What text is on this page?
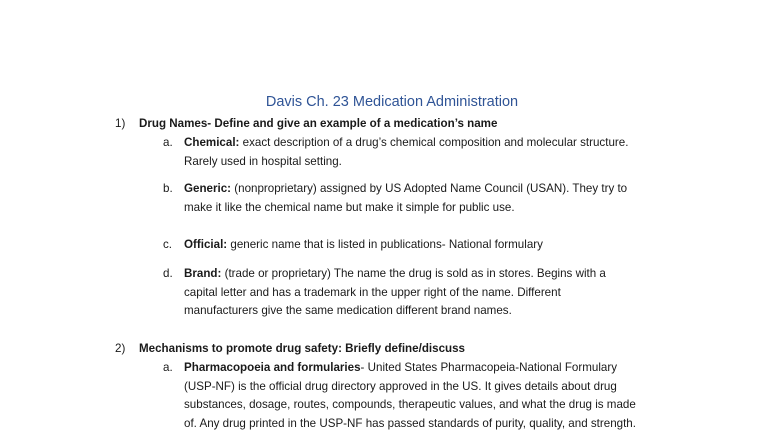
Davis Ch. 23 Medication Administration
1) Drug Names- Define and give an example of a medication’s name
a. Chemical: exact description of a drug’s chemical composition and molecular structure.
Rarely used in hospital setting.
b. Generic: (nonproprietary) assigned by US Adopted Name Council (USAN). They try to
make it like the chemical name but make it simple for public use.
c. Official: generic name that is listed in publications- National formulary
d. Brand: (trade or proprietary) The name the drug is sold as in stores. Begins with a
capital letter and has a trademark in the upper right of the name. Different
manufacturers give the same medication different brand names.
2) Mechanisms to promote drug safety: Briefly define/discuss
a. Pharmacopoeia and formularies- United States Pharmacopeia-National Formulary
(USP-NF) is the official drug directory approved in the US. It gives details about drug
substances, dosage, routes, compounds, therapeutic values, and what the drug is made
of. Any drug printed in the USP-NF has passed standards of purity, quality, and strength.
